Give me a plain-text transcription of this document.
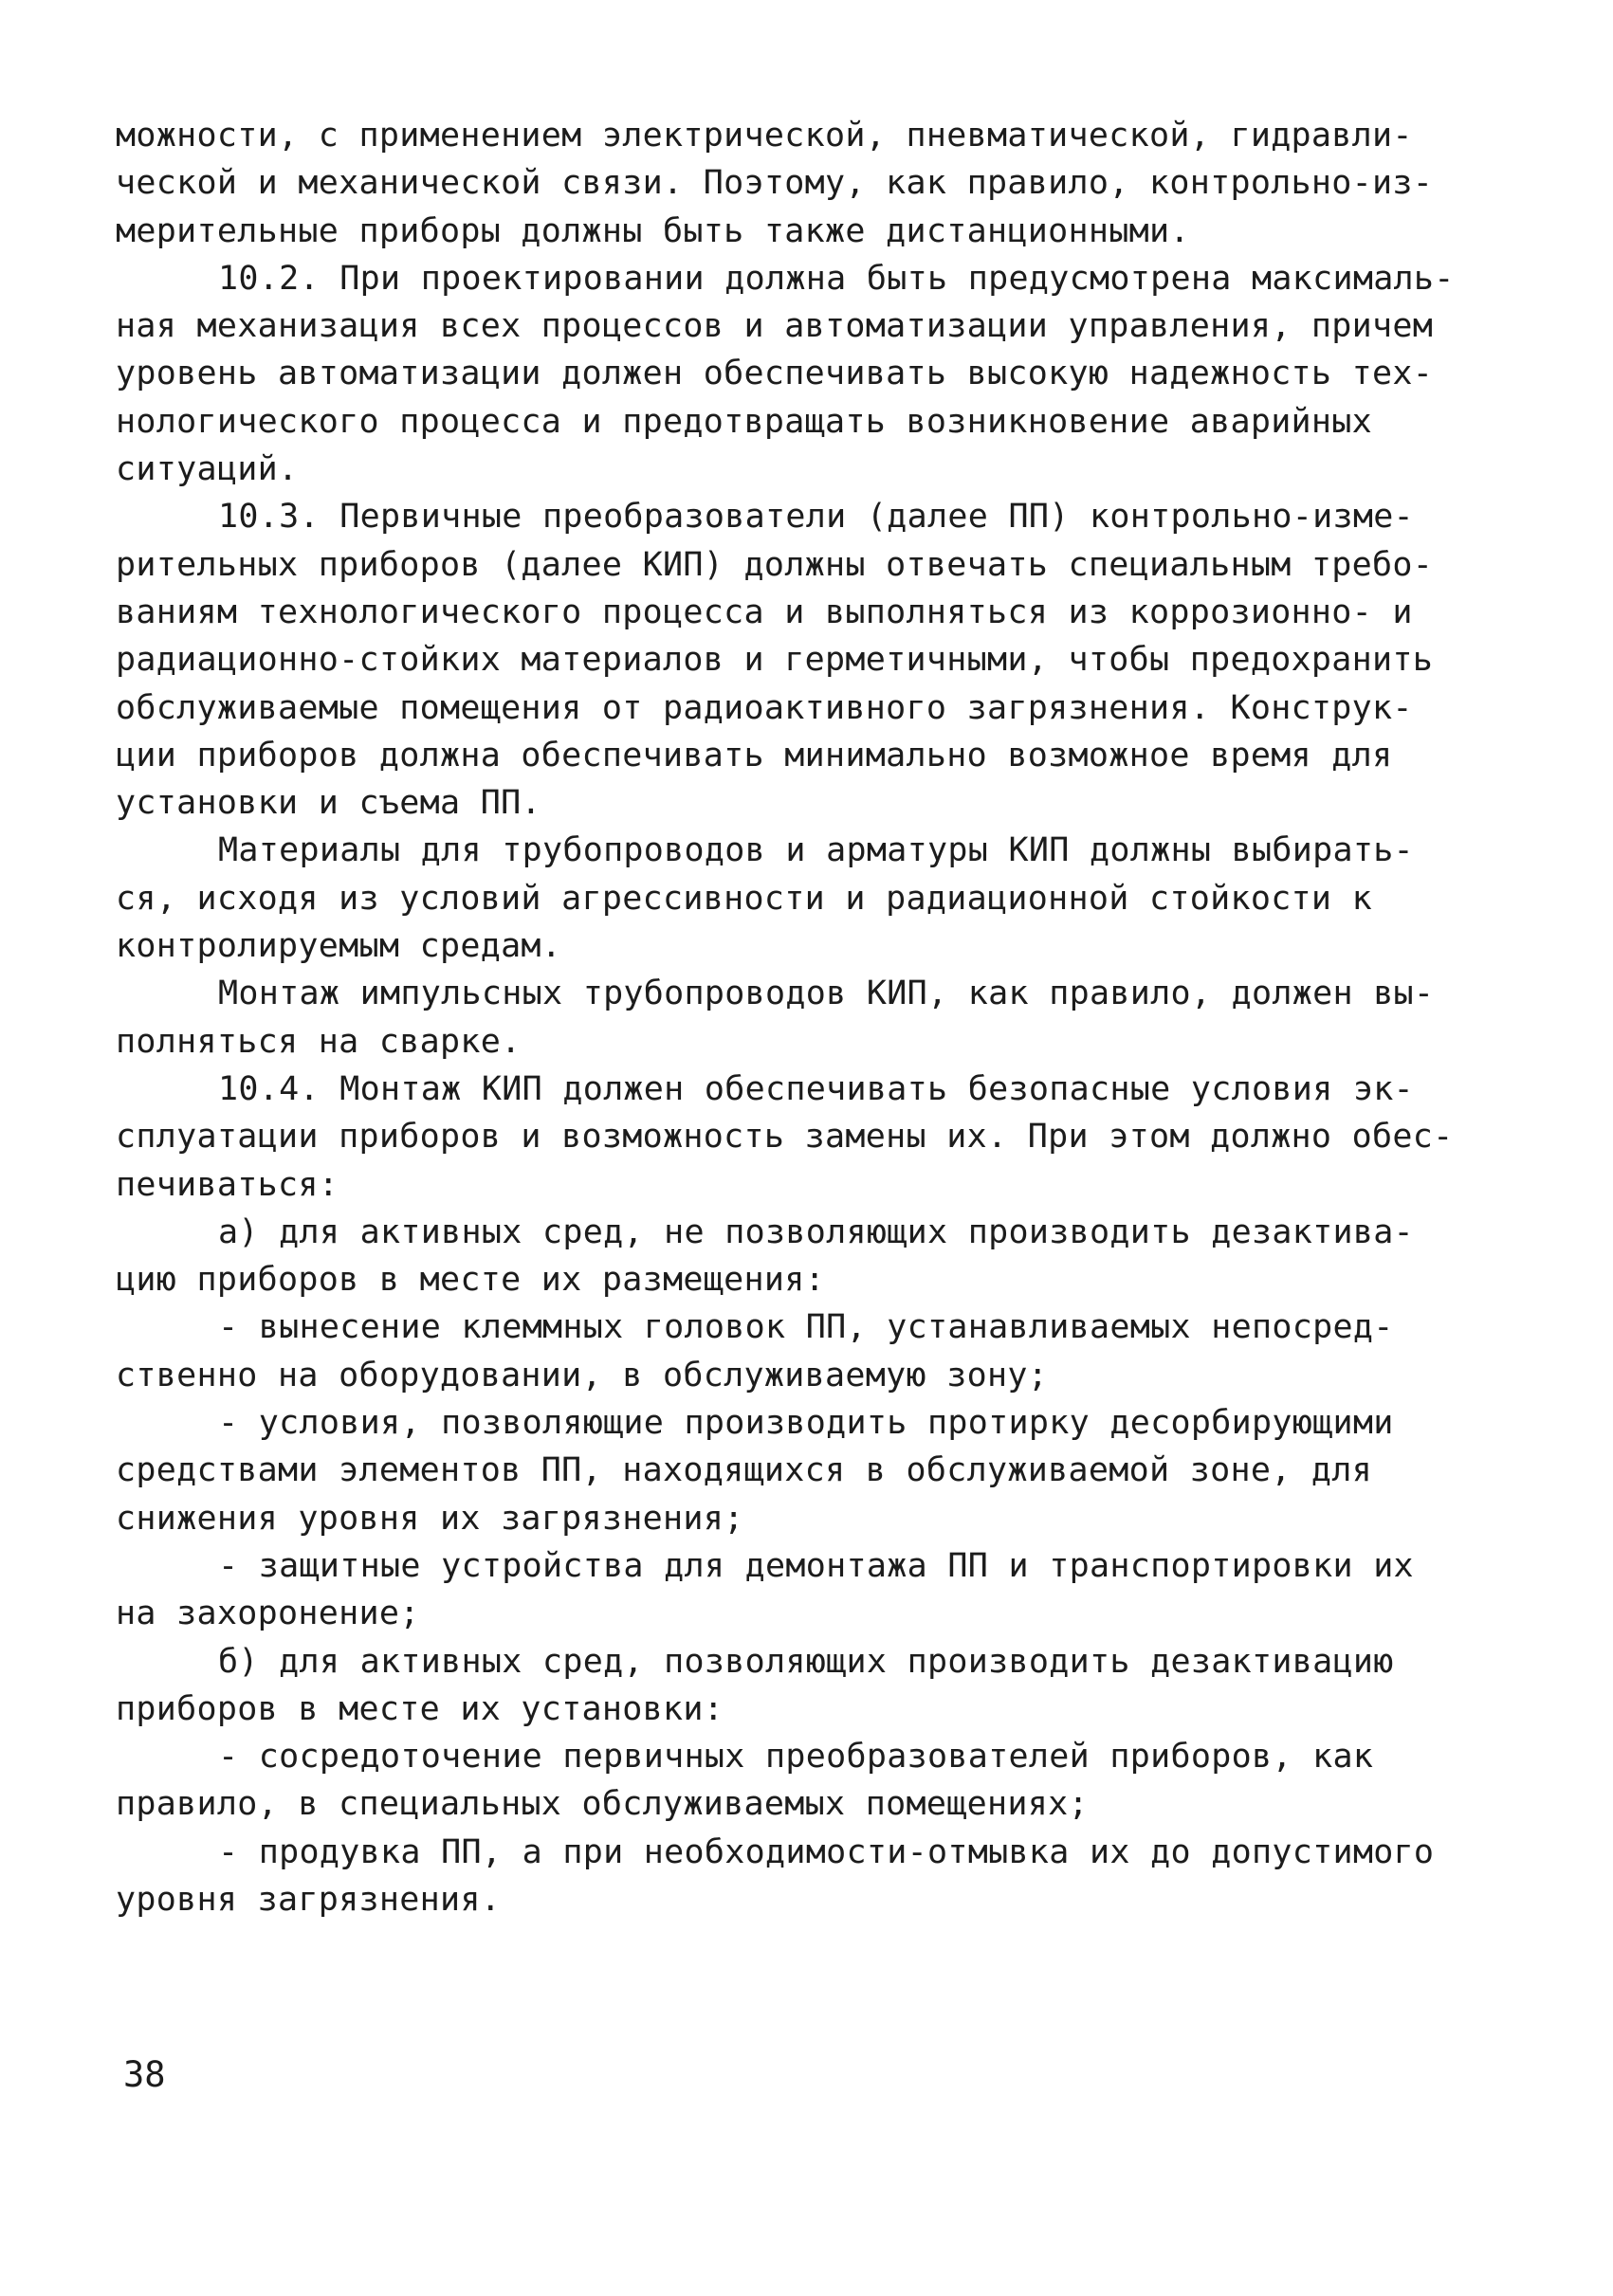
можности, с применением электрической, пневматической, гидравли-
ческой и механической связи. Поэтому, как правило, контрольно-из-
мерительные приборы должны быть также дистанционными.
10.2. При проектировании должна быть предусмотрена максималь-
ная механизация всех процессов и автоматизации управления, причем
уровень автоматизации должен обеспечивать высокую надежность тех-
нологического процесса и предотвращать возникновение аварийных
ситуаций.
10.3. Первичные преобразователи (далее ПП) контрольно-изме-
рительных приборов (далее КИП) должны отвечать специальным требо-
ваниям технологического процесса и выполняться из коррозионно- и
радиационно-стойких материалов и герметичными, чтобы предохранить
обслуживаемые помещения от радиоактивного загрязнения. Конструк-
ции приборов должна обеспечивать минимально возможное время для
установки и съема ПП.
Материалы для трубопроводов и арматуры КИП должны выбирать-
ся, исходя из условий агрессивности и радиационной стойкости к
контролируемым средам.
Монтаж импульсных трубопроводов КИП, как правило, должен вы-
полняться на сварке.
10.4. Монтаж КИП должен обеспечивать безопасные условия эк-
сплуатации приборов и возможность замены их. При этом должно обес-
печиваться:
а) для активных сред, не позволяющих производить дезактива-
цию приборов в месте их размещения:
- вынесение клеммных головок ПП, устанавливаемых непосред-
ственно на оборудовании, в обслуживаемую зону;
- условия, позволяющие производить протирку десорбирующими
средствами элементов ПП, находящихся в обслуживаемой зоне, для
снижения уровня их загрязнения;
- защитные устройства для демонтажа ПП и транспортировки их
на захоронение;
б) для активных сред, позволяющих производить дезактивацию
приборов в месте их установки:
- сосредоточение первичных преобразователей приборов, как
правило, в специальных обслуживаемых помещениях;
- продувка ПП, а при необходимости-отмывка их до допустимого
уровня загрязнения.
38
